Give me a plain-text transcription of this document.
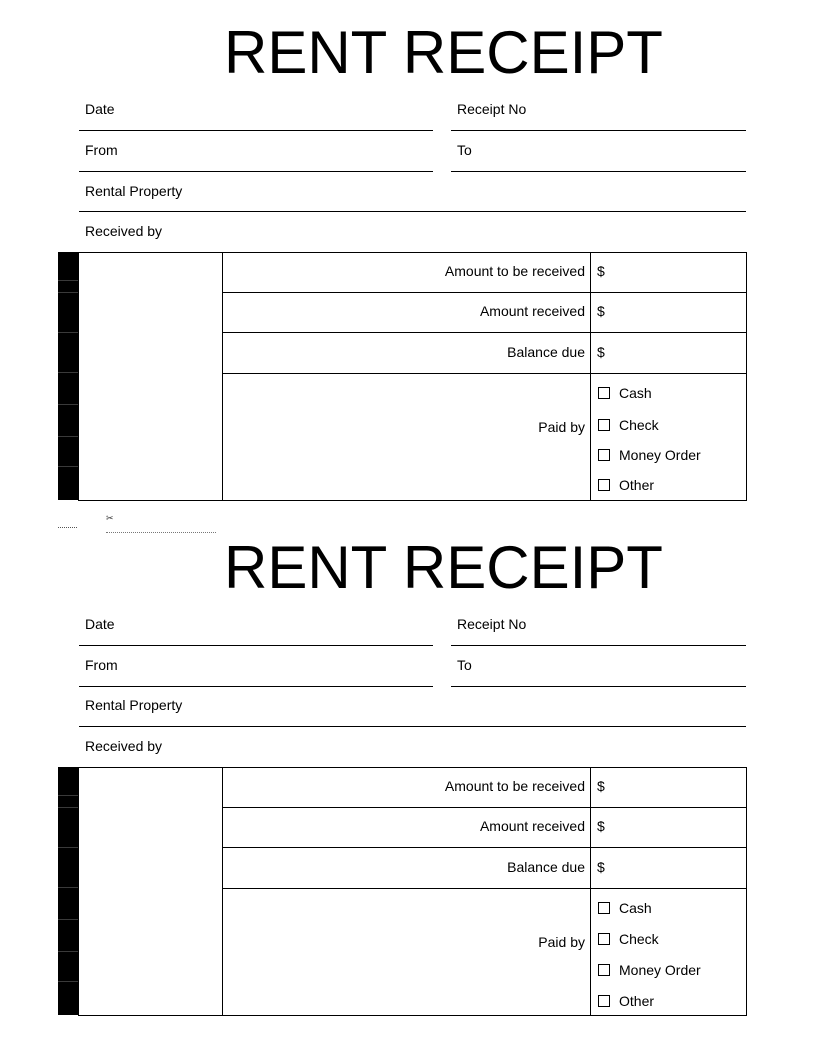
RENT RECEIPT
Date	Receipt No
From	To
Rental Property
Received by
Amount to be received $
Amount received $
Balance due $
Paid by
Cash
Check
Money Order
Other
✂
RENT RECEIPT
Date	Receipt No
From	To
Rental Property
Received by
Amount to be received $
Amount received $
Balance due $
Paid by
Cash
Check
Money Order
Other
